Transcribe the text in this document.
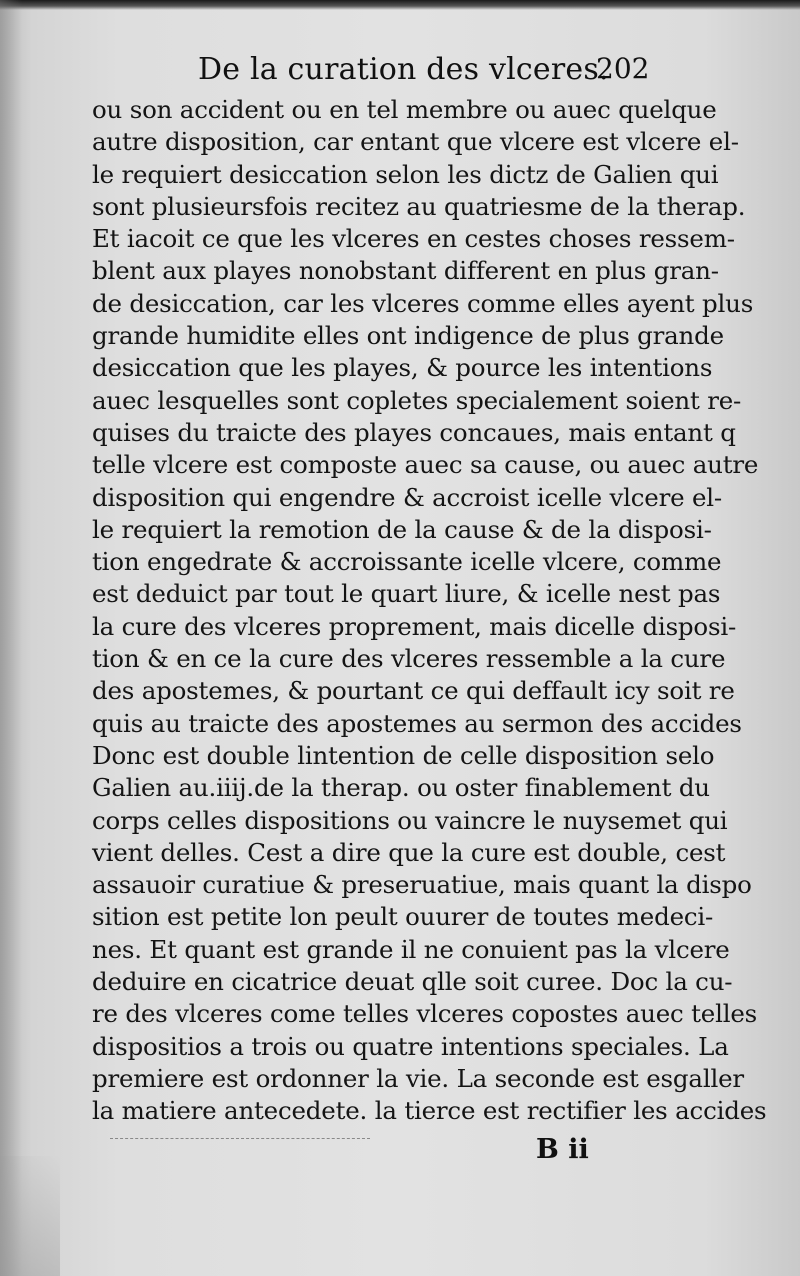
De la curation des vlceres.
202
ou son accident ou en tel membre ou auec quelque
autre disposition, car entant que vlcere est vlcere el-
le requiert desiccation selon les dictz de Galien qui
sont plusieursfois recitez au quatriesme de la therap.
Et iacoit ce que les vlceres en cestes choses ressem-
blent aux playes nonobstant different en plus gran-
de desiccation, car les vlceres comme elles ayent plus
grande humidite elles ont indigence de plus grande
desiccation que les playes, & pource les intentions
auec lesquelles sont copletes specialement soient re-
quises du traicte des playes concaues, mais entant q
telle vlcere est composte auec sa cause, ou auec autre
disposition qui engendre & accroist icelle vlcere el-
le requiert la remotion de la cause & de la disposi-
tion engedrate & accroissante icelle vlcere, comme
est deduict par tout le quart liure, & icelle nest pas
la cure des vlceres proprement, mais dicelle disposi-
tion & en ce la cure des vlceres ressemble a la cure
des apostemes, & pourtant ce qui deffault icy soit re
quis au traicte des apostemes au sermon des accides
Donc est double lintention de celle disposition selo
Galien au.iiij.de la therap. ou oster finablement du
corps celles dispositions ou vaincre le nuysemet qui
vient delles. Cest a dire que la cure est double, cest
assauoir curatiue & preseruatiue, mais quant la dispo
sition est petite lon peult ouurer de toutes medeci-
nes. Et quant est grande il ne conuient pas la vlcere
deduire en cicatrice deuat qlle soit curee. Doc la cu-
re des vlceres come telles vlceres copostes auec telles
dispositios a trois ou quatre intentions speciales. La
premiere est ordonner la vie. La seconde est esgaller
la matiere antecedete. la tierce est rectifier les accides
B ii
